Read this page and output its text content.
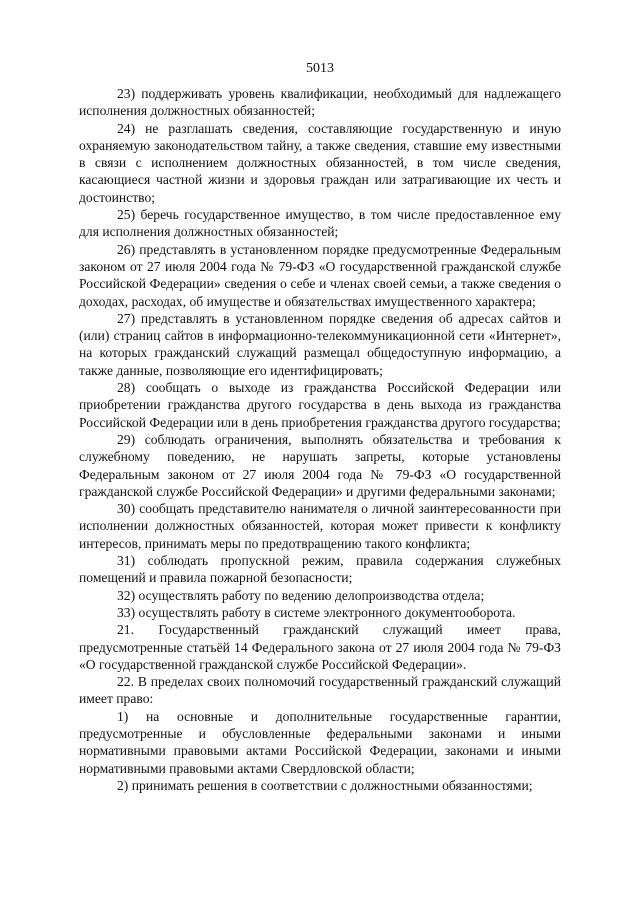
5013

23) поддерживать уровень квалификации, необходимый для надлежащего исполнения должностных обязанностей;

24) не разглашать сведения, составляющие государственную и иную охраняемую законодательством тайну, а также сведения, ставшие ему известными в связи с исполнением должностных обязанностей, в том числе сведения, касающиеся частной жизни и здоровья граждан или затрагивающие их честь и достоинство;

25) беречь государственное имущество, в том числе предоставленное ему для исполнения должностных обязанностей;

26) представлять в установленном порядке предусмотренные Федеральным законом от 27 июля 2004 года № 79-ФЗ «О государственной гражданской службе Российской Федерации» сведения о себе и членах своей семьи, а также сведения о доходах, расходах, об имуществе и обязательствах имущественного характера;

27) представлять в установленном порядке сведения об адресах сайтов и (или) страниц сайтов в информационно-телекоммуникационной сети «Интернет», на которых гражданский служащий размещал общедоступную информацию, а также данные, позволяющие его идентифицировать;

28) сообщать о выходе из гражданства Российской Федерации или приобретении гражданства другого государства в день выхода из гражданства Российской Федерации или в день приобретения гражданства другого государства;

29) соблюдать ограничения, выполнять обязательства и требования к служебному поведению, не нарушать запреты, которые установлены Федеральным законом от 27 июля 2004 года № 79-ФЗ «О государственной гражданской службе Российской Федерации» и другими федеральными законами;

30) сообщать представителю нанимателя о личной заинтересованности при исполнении должностных обязанностей, которая может привести к конфликту интересов, принимать меры по предотвращению такого конфликта;

31) соблюдать пропускной режим, правила содержания служебных помещений и правила пожарной безопасности;

32) осуществлять работу по ведению делопроизводства отдела;

33) осуществлять работу в системе электронного документооборота.

21. Государственный гражданский служащий имеет права, предусмотренные статьёй 14 Федерального закона от 27 июля 2004 года № 79-ФЗ «О государственной гражданской службе Российской Федерации».

22. В пределах своих полномочий государственный гражданский служащий имеет право:

1) на основные и дополнительные государственные гарантии, предусмотренные и обусловленные федеральными законами и иными нормативными правовыми актами Российской Федерации, законами и иными нормативными правовыми актами Свердловской области;

2) принимать решения в соответствии с должностными обязанностями;
